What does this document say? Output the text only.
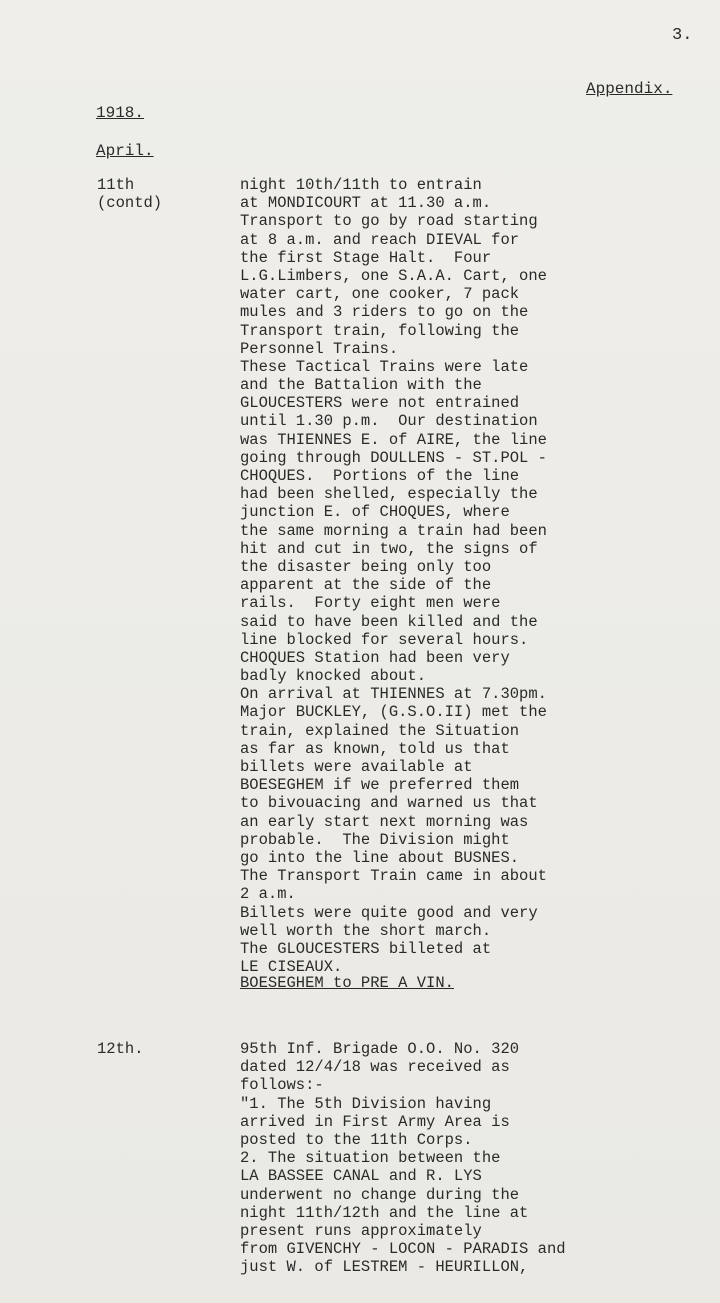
3.
Appendix.
1918.
April.
11th
(contd)
night 10th/11th to entrain
at MONDICOURT at 11.30 a.m.
Transport to go by road starting
at 8 a.m. and reach DIEVAL for
the first Stage Halt.  Four
L.G.Limbers, one S.A.A. Cart, one
water cart, one cooker, 7 pack
mules and 3 riders to go on the
Transport train, following the
Personnel Trains.
These Tactical Trains were late
and the Battalion with the
GLOUCESTERS were not entrained
until 1.30 p.m.  Our destination
was THIENNES E. of AIRE, the line
going through DOULLENS - ST.POL -
CHOQUES.  Portions of the line
had been shelled, especially the
junction E. of CHOQUES, where
the same morning a train had been
hit and cut in two, the signs of
the disaster being only too
apparent at the side of the
rails.  Forty eight men were
said to have been killed and the
line blocked for several hours.
CHOQUES Station had been very
badly knocked about.
On arrival at THIENNES at 7.30pm.
Major BUCKLEY, (G.S.O.II) met the
train, explained the Situation
as far as known, told us that
billets were available at
BOESEGHEM if we preferred them
to bivouacing and warned us that
an early start next morning was
probable.  The Division might
go into the line about BUSNES.
The Transport Train came in about
2 a.m.
Billets were quite good and very
well worth the short march.
The GLOUCESTERS billeted at
LE CISEAUX.
BOESEGHEM to PRE A VIN.
12th.	95th Inf. Brigade O.O. No. 320
dated 12/4/18 was received as
follows:-
"1. The 5th Division having
arrived in First Army Area is
posted to the 11th Corps.
2. The situation between the
LA BASSEE CANAL and R. LYS
underwent no change during the
night 11th/12th and the line at
present runs approximately
from GIVENCHY - LOCON - PARADIS and
just W. of LESTREM - HEURILLON,
